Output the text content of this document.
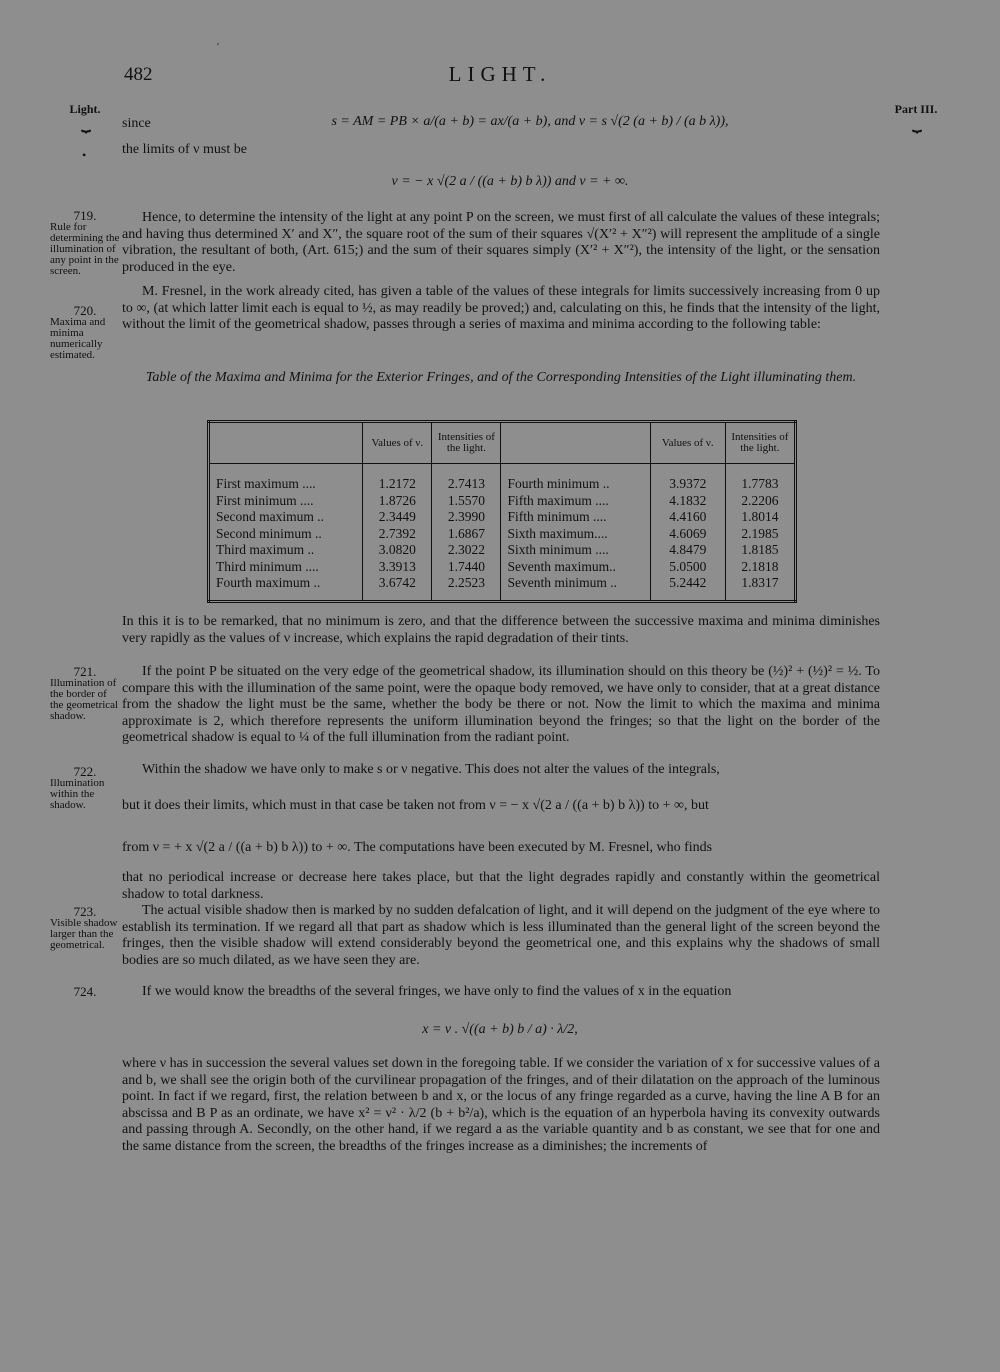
′
482	LIGHT.
Light.
⏟
Part III.
⏟
since	s = AM = PB × a/(a + b) = ax/(a + b), and ν = s √(2 (a + b) / (a b λ)),
•	the limits of ν must be
ν = − x √(2 a / ((a + b) b λ)) and ν = + ∞.
719.
Rule for determining the illumination of any point in the screen.
720.
Maxima and minima numerically estimated.
721.
Illumination of the border of the geometrical shadow.
722.
Illumination within the shadow.
723.
Visible shadow larger than the geometrical.
724.
Hence, to determine the intensity of the light at any point P on the screen, we must first of all calculate the values of these integrals; and having thus determined X′ and X″, the square root of the sum of their squares √(X′² + X″²) will represent the amplitude of a single vibration, the resultant of both, (Art. 615;) and the sum of their squares simply (X′² + X″²), the intensity of the light, or the sensation produced in the eye.
M. Fresnel, in the work already cited, has given a table of the values of these integrals for limits successively increasing from 0 up to ∞, (at which latter limit each is equal to ½, as may readily be proved;) and, calculating on this, he finds that the intensity of the light, without the limit of the geometrical shadow, passes through a series of maxima and minima according to the following table:
Table of the Maxima and Minima for the Exterior Fringes, and of the Corresponding Intensities of the Light illuminating them.
	Values of ν.	Intensities of the light.		Values of ν.	Intensities of the light.
First maximum ....	1.2172	2.7413	Fourth minimum ..	3.9372	1.7783
First minimum ....	1.8726	1.5570	Fifth maximum ....	4.1832	2.2206
Second maximum ..	2.3449	2.3990	Fifth minimum ....	4.4160	1.8014
Second minimum ..	2.7392	1.6867	Sixth maximum....	4.6069	2.1985
Third maximum ..	3.0820	2.3022	Sixth minimum ....	4.8479	1.8185
Third minimum ....	3.3913	1.7440	Seventh maximum..	5.0500	2.1818
Fourth maximum ..	3.6742	2.2523	Seventh minimum ..	5.2442	1.8317
In this it is to be remarked, that no minimum is zero, and that the difference between the successive maxima and minima diminishes very rapidly as the values of ν increase, which explains the rapid degradation of their tints.
If the point P be situated on the very edge of the geometrical shadow, its illumination should on this theory be (½)² + (½)² = ½. To compare this with the illumination of the same point, were the opaque body removed, we have only to consider, that at a great distance from the shadow the light must be the same, whether the body be there or not. Now the limit to which the maxima and minima approximate is 2, which therefore represents the uniform illumination beyond the fringes; so that the light on the border of the geometrical shadow is equal to ¼ of the full illumination from the radiant point.
Within the shadow we have only to make s or ν negative. This does not alter the values of the integrals,
but it does their limits, which must in that case be taken not from ν = − x √(2 a / ((a + b) b λ)) to + ∞, but
from ν = + x √(2 a / ((a + b) b λ)) to + ∞. The computations have been executed by M. Fresnel, who finds
that no periodical increase or decrease here takes place, but that the light degrades rapidly and constantly within the geometrical shadow to total darkness.
The actual visible shadow then is marked by no sudden defalcation of light, and it will depend on the judgment of the eye where to establish its termination. If we regard all that part as shadow which is less illuminated than the general light of the screen beyond the fringes, then the visible shadow will extend considerably beyond the geometrical one, and this explains why the shadows of small bodies are so much dilated, as we have seen they are.
If we would know the breadths of the several fringes, we have only to find the values of x in the equation
x = ν . √((a + b) b / a) · λ/2,
where ν has in succession the several values set down in the foregoing table. If we consider the variation of x for successive values of a and b, we shall see the origin both of the curvilinear propagation of the fringes, and of their dilatation on the approach of the luminous point. In fact if we regard, first, the relation between b and x, or the locus of any fringe regarded as a curve, having the line A B for an abscissa and B P as an ordinate, we have x² = ν² · λ/2 (b + b²/a), which is the equation of an hyperbola having its convexity outwards and passing through A. Secondly, on the other hand, if we regard a as the variable quantity and b as constant, we see that for one and the same distance from the screen, the breadths of the fringes increase as a diminishes; the increments of
